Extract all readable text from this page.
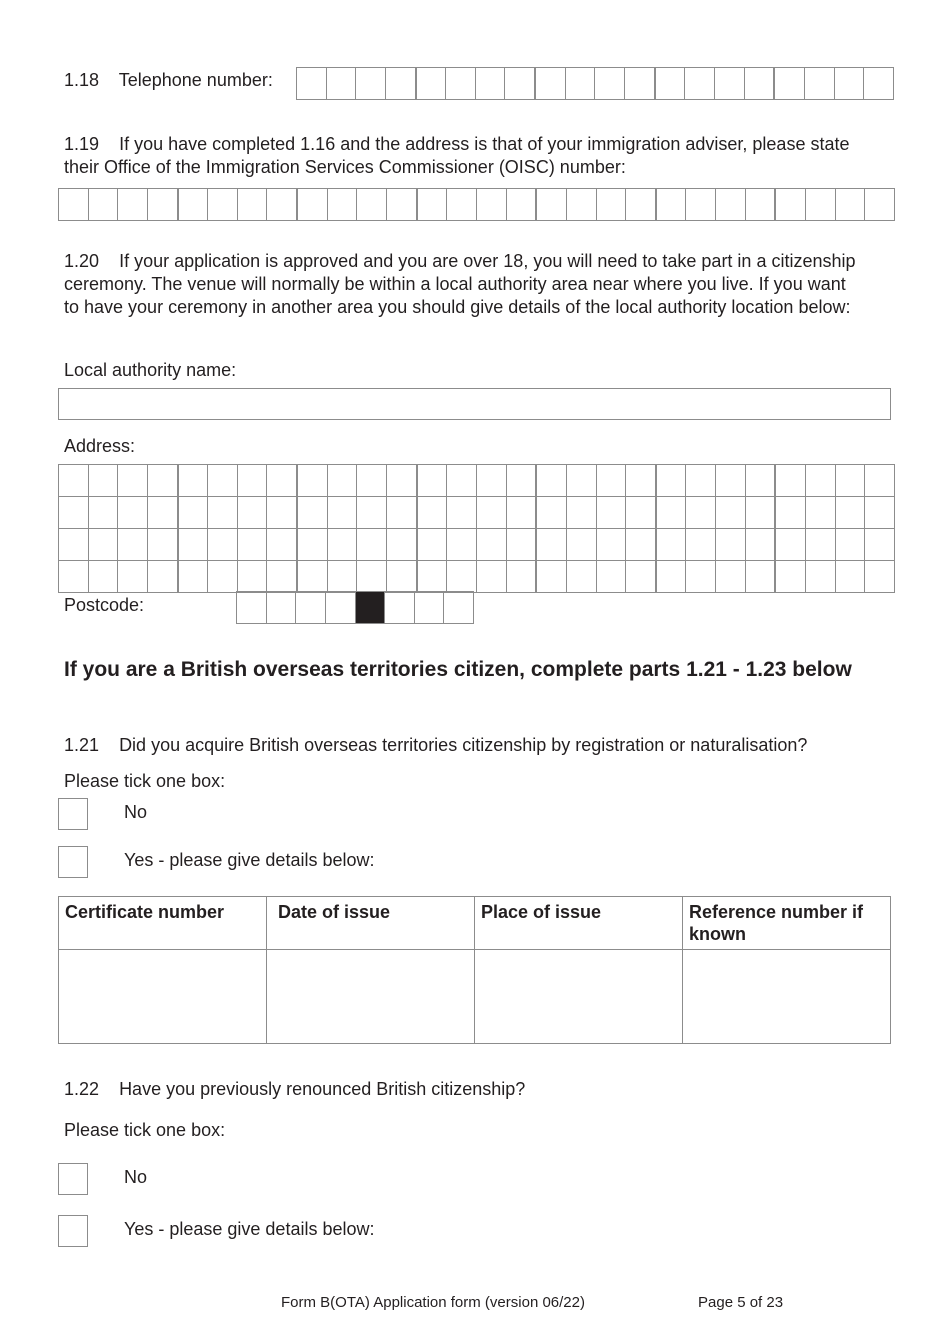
1.18 Telephone number:

1.19 If you have completed 1.16 and the address is that of your immigration adviser, please state their Office of the Immigration Services Commissioner (OISC) number:

1.20 If your application is approved and you are over 18, you will need to take part in a citizenship ceremony. The venue will normally be within a local authority area near where you live. If you want to have your ceremony in another area you should give details of the local authority location below:
Local authority name:
Address:

Postcode:

If you are a British overseas territories citizen, complete parts 1.21 - 1.23 below
1.21 Did you acquire British overseas territories citizenship by registration or naturalisation?
Please tick one box:
No
Yes - please give details below:
Certificate number	Date of issue	Place of issue	Reference number if known

1.22 Have you previously renounced British citizenship?
Please tick one box:
No
Yes - please give details below:
Form B(OTA) Application form (version 06/22)	Page 5 of 23
